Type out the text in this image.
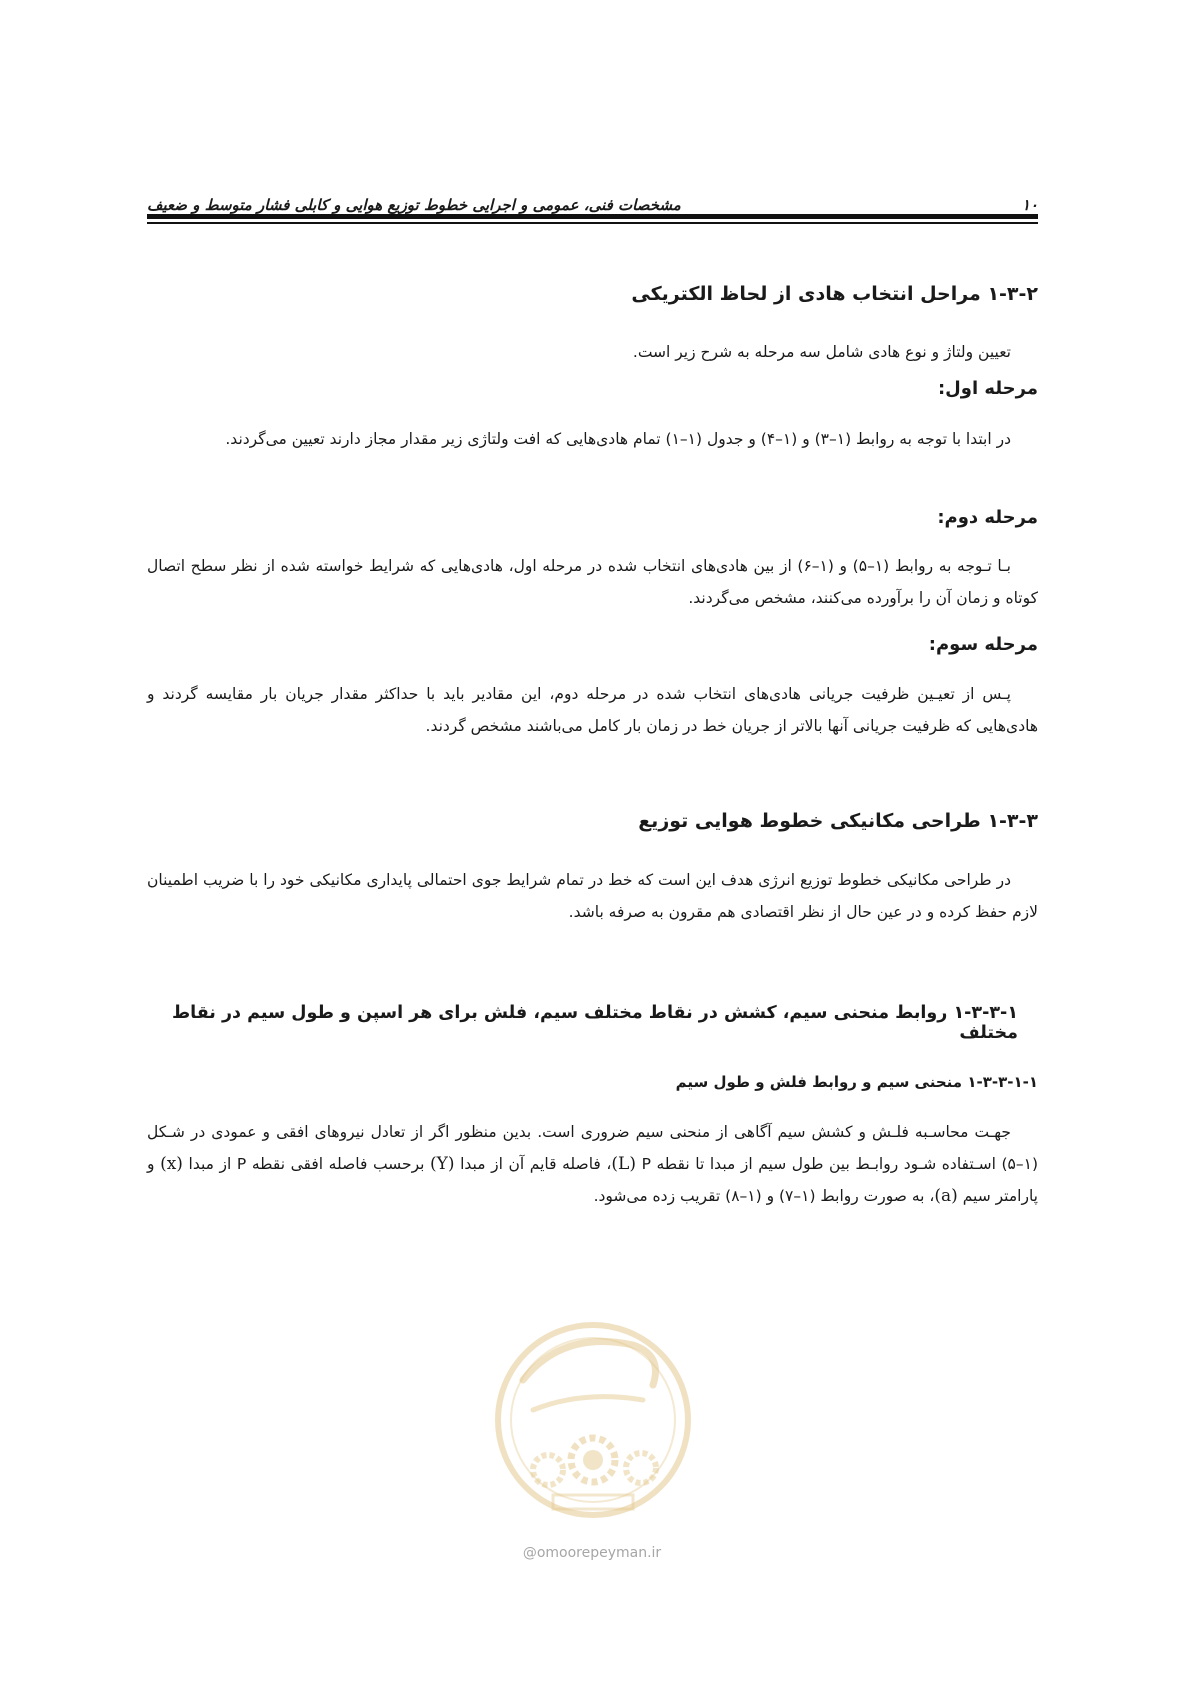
۱۰
مشخصات فنی، عمومی و اجرایی خطوط توزیع هوایی و کابلی فشار متوسط و ضعیف
۱-۳-۲ مراحل انتخاب هادی از لحاظ الکتریکی
تعیین ولتاژ و نوع هادی شامل سه مرحله به شرح زیر است.
مرحله اول:
در ابتدا با توجه به روابط (۱–۳) و (۱–۴) و جدول (۱–۱) تمام هادی‌هایی که افت ولتاژی زیر مقدار مجاز دارند تعیین می‌گردند.
مرحله دوم:
بـا تـوجه به روابط (۱–۵) و (۱–۶) از بین هادی‌های انتخاب شده در مرحله اول، هادی‌هایی که شرایط خواسته شده از نظر سطح اتصال کوتاه و زمان آن را برآورده می‌کنند، مشخص می‌گردند.
مرحله سوم:
پـس از تعیـین ظرفیت جریانی هادی‌های انتخاب شده در مرحله دوم، این مقادیر باید با حداکثر مقدار جریان بار مقایسه گردند و هادی‌هایی که ظرفیت جریانی آنها بالاتر از جریان خط در زمان بار کامل می‌باشند مشخص گردند.
۱-۳-۳ طراحی مکانیکی خطوط هوایی توزیع
در طراحی مکانیکی خطوط توزیع انرژی هدف این است که خط در تمام شرایط جوی احتمالی پایداری مکانیکی خود را با ضریب اطمینان لازم حفظ کرده و در عین حال از نظر اقتصادی هم مقرون به صرفه باشد.
۱-۳-۳-۱ روابط منحنی سیم، کشش در نقاط مختلف سیم، فلش برای هر اسپن و طول سیم در نقاط مختلف
۱-۳-۳-۱-۱ منحنی سیم و روابط فلش و طول سیم
جهـت محاسـبه فلـش و کشش سیم آگاهی از منحنی سیم ضروری است. بدین منظور اگر از تعادل نیروهای افقی و عمودی در شـکل (۱–۵) اسـتفاده شـود روابـط بین طول سیم از مبدا تا نقطه P (L)، فاصله قایم آن از مبدا (Y) برحسب فاصله افقی نقطه P از مبدا (x) و پارامتر سیم (a)، به صورت روابط (۱–۷) و (۱–۸) تقریب زده می‌شود.
@omoorepeyman.ir
